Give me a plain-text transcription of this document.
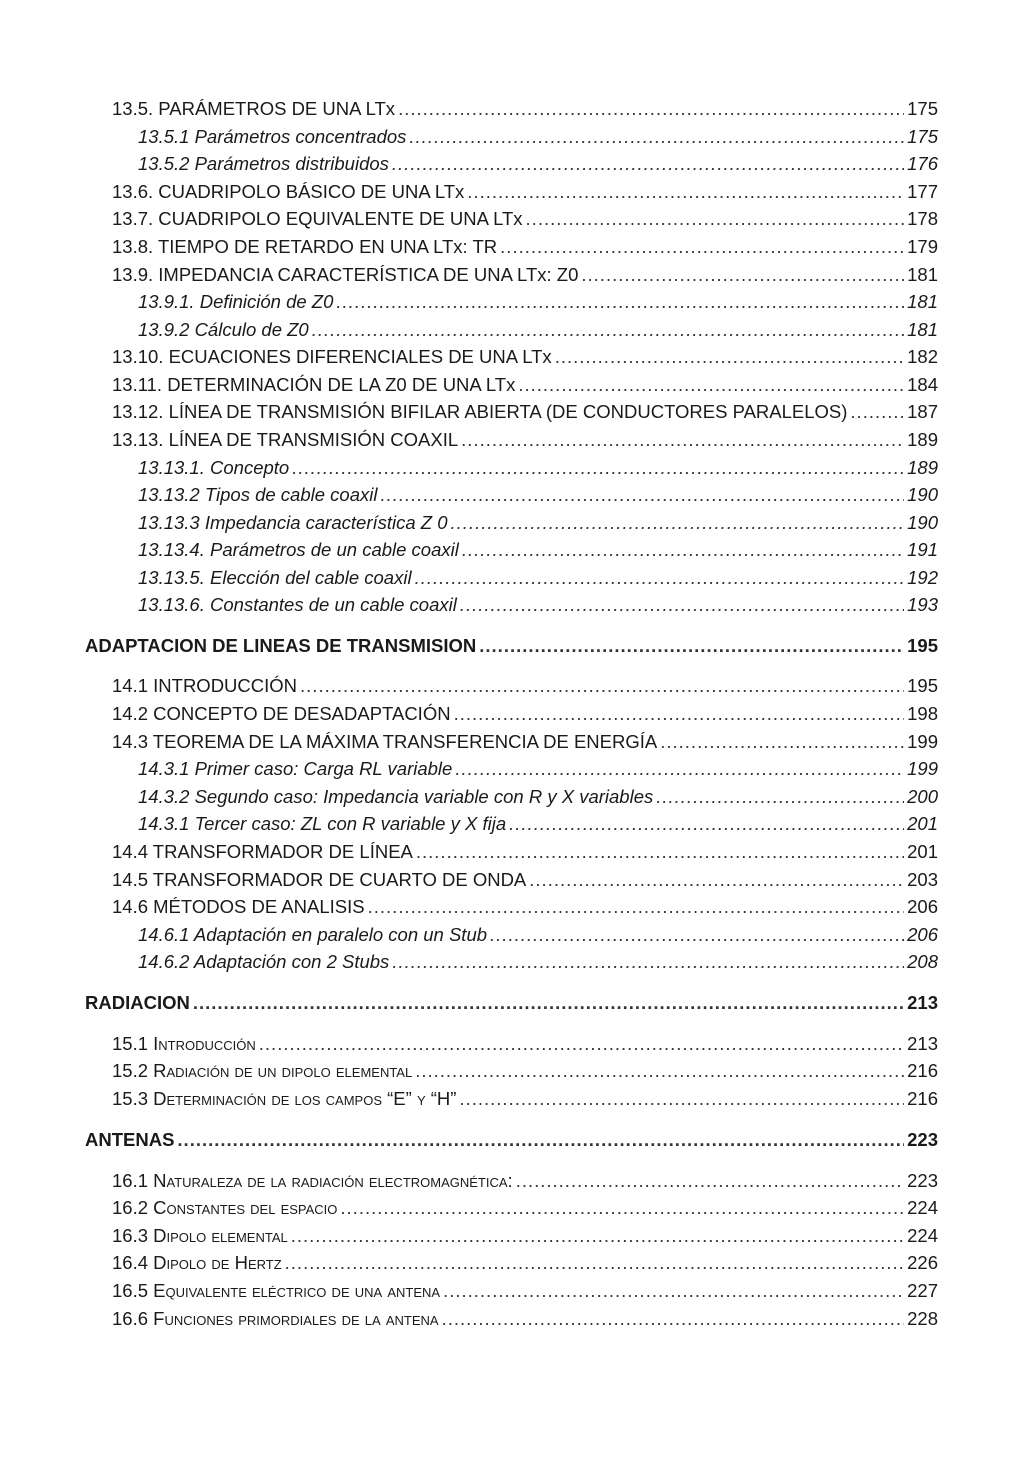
13.5. PARÁMETROS DE UNA LTx .....	175
13.5.1 Parámetros concentrados .....	175
13.5.2 Parámetros distribuidos .....	176
13.6. CUADRIPOLO BÁSICO DE UNA LTx .....	177
13.7. CUADRIPOLO EQUIVALENTE DE UNA LTx .....	178
13.8. TIEMPO DE RETARDO EN UNA LTx: TR .....	179
13.9. IMPEDANCIA CARACTERÍSTICA DE UNA LTx: Z0 .....	181
13.9.1. Definición de Z0 .....	181
13.9.2 Cálculo de Z0 .....	181
13.10. ECUACIONES DIFERENCIALES DE UNA LTx .....	182
13.11. DETERMINACIÓN DE LA Z0 DE UNA LTx .....	184
13.12. LÍNEA DE TRANSMISIÓN BIFILAR ABIERTA (DE CONDUCTORES PARALELOS) .....	187
13.13. LÍNEA DE TRANSMISIÓN COAXIL .....	189
13.13.1. Concepto .....	189
13.13.2 Tipos de cable coaxil .....	190
13.13.3 Impedancia característica Z 0 .....	190
13.13.4. Parámetros de un cable coaxil .....	191
13.13.5. Elección del cable coaxil .....	192
13.13.6. Constantes de un cable coaxil .....	193
ADAPTACION DE LINEAS DE TRANSMISION .....	195
14.1 INTRODUCCIÓN .....	195
14.2 CONCEPTO DE DESADAPTACIÓN .....	198
14.3 TEOREMA DE LA MÁXIMA TRANSFERENCIA DE ENERGÍA .....	199
14.3.1 Primer caso: Carga RL variable .....	199
14.3.2 Segundo caso: Impedancia variable con R y X variables .....	200
14.3.1 Tercer caso: ZL con R variable y X fija .....	201
14.4 TRANSFORMADOR DE LÍNEA .....	201
14.5 TRANSFORMADOR DE CUARTO DE ONDA .....	203
14.6 MÉTODOS DE ANALISIS .....	206
14.6.1 Adaptación en paralelo con un Stub .....	206
14.6.2 Adaptación con 2 Stubs .....	208
RADIACION .....	213
15.1 Introducción .....	213
15.2 Radiación de un dipolo elemental .....	216
15.3 Determinación de los campos “E” y “H” .....	216
ANTENAS .....	223
16.1 Naturaleza de la radiación electromagnética: .....	223
16.2 Constantes del espacio .....	224
16.3 Dipolo elemental .....	224
16.4 Dipolo de Hertz .....	226
16.5 Equivalente eléctrico de una antena .....	227
16.6 Funciones primordiales de la antena .....	228
